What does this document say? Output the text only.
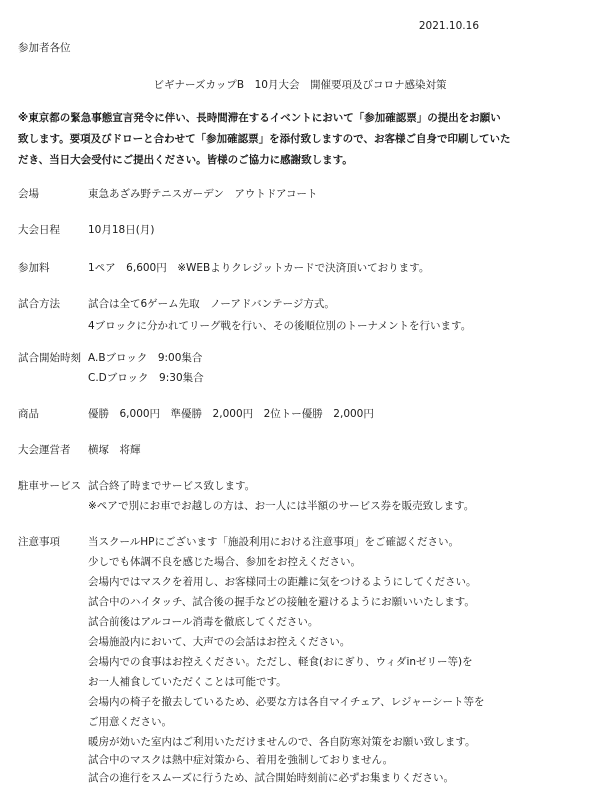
2021.10.16
参加者各位
ビギナーズカップB　10月大会　開催要項及びコロナ感染対策
※東京都の緊急事態宣言発令に伴い、長時間滞在するイベントにおいて「参加確認票」の提出をお願い
致します。要項及びドローと合わせて「参加確認票」を添付致しますので、お客様ご自身で印刷していた
だき、当日大会受付にご提出ください。皆様のご協力に感謝致します。
会場	東急あざみ野テニスガーデン　アウトドアコート
大会日程	10月18日(月)
参加料	1ペア　6,600円　※WEBよりクレジットカードで決済頂いております。
試合方法	試合は全て6ゲーム先取　ノーアドバンテージ方式。
4ブロックに分かれてリーグ戦を行い、その後順位別のトーナメントを行います。
試合開始時刻 A.Bブロック　9:00集合
C.Dブロック　9:30集合
商品	優勝　6,000円　準優勝　2,000円　2位トー優勝　2,000円
大会運営者 横塚　将輝
駐車サービス 試合終了時までサービス致します。
※ペアで別にお車でお越しの方は、お一人には半額のサービス券を販売致します。
注意事項	当スクールHPにございます「施設利用における注意事項」をご確認ください。
少しでも体調不良を感じた場合、参加をお控えください。
会場内ではマスクを着用し、お客様同士の距離に気をつけるようにしてください。
試合中のハイタッチ、試合後の握手などの接触を避けるようにお願いいたします。
試合前後はアルコール消毒を徹底してください。
会場施設内において、大声での会話はお控えください。
会場内での食事はお控えください。ただし、軽食(おにぎり、ウィダinゼリー等)を
お一人補食していただくことは可能です。
会場内の椅子を撤去しているため、必要な方は各自マイチェア、レジャーシート等を
ご用意ください。
暖房が効いた室内はご利用いただけませんので、各自防寒対策をお願い致します。
試合中のマスクは熱中症対策から、着用を強制しておりません。
試合の進行をスムーズに行うため、試合開始時刻前に必ずお集まりください。
